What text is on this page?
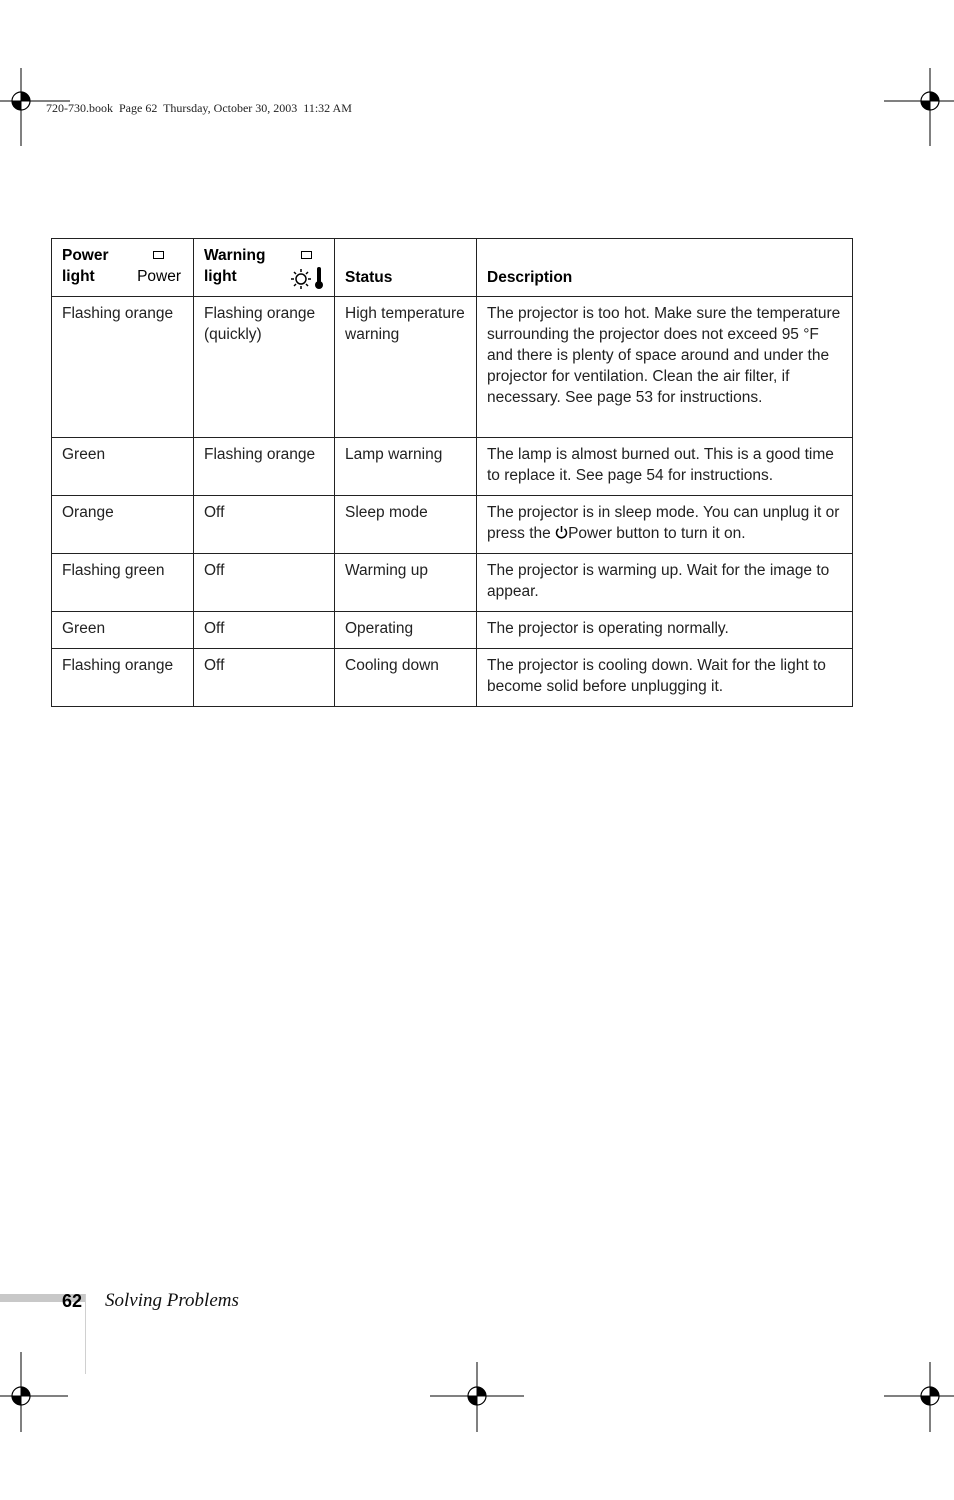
720-730.book  Page 62  Thursday, October 30, 2003  11:32 AM
Power
light Power	Warning
light	Status	Description
Flashing orange	Flashing orange (quickly)	High temperature warning	The projector is too hot. Make sure the temperature surrounding the projector does not exceed 95 °F and there is plenty of space around and under the projector for ventilation. Clean the air filter, if necessary. See page 53 for instructions.
Green	Flashing orange	Lamp warning	The lamp is almost burned out. This is a good time to replace it. See page 54 for instructions.
Orange	Off	Sleep mode	The projector is in sleep mode. You can unplug it or press the Power button to turn it on.
Flashing green	Off	Warming up	The projector is warming up. Wait for the image to appear.
Green	Off	Operating	The projector is operating normally.
Flashing orange	Off	Cooling down	The projector is cooling down. Wait for the light to become solid before unplugging it.
62 Solving Problems
